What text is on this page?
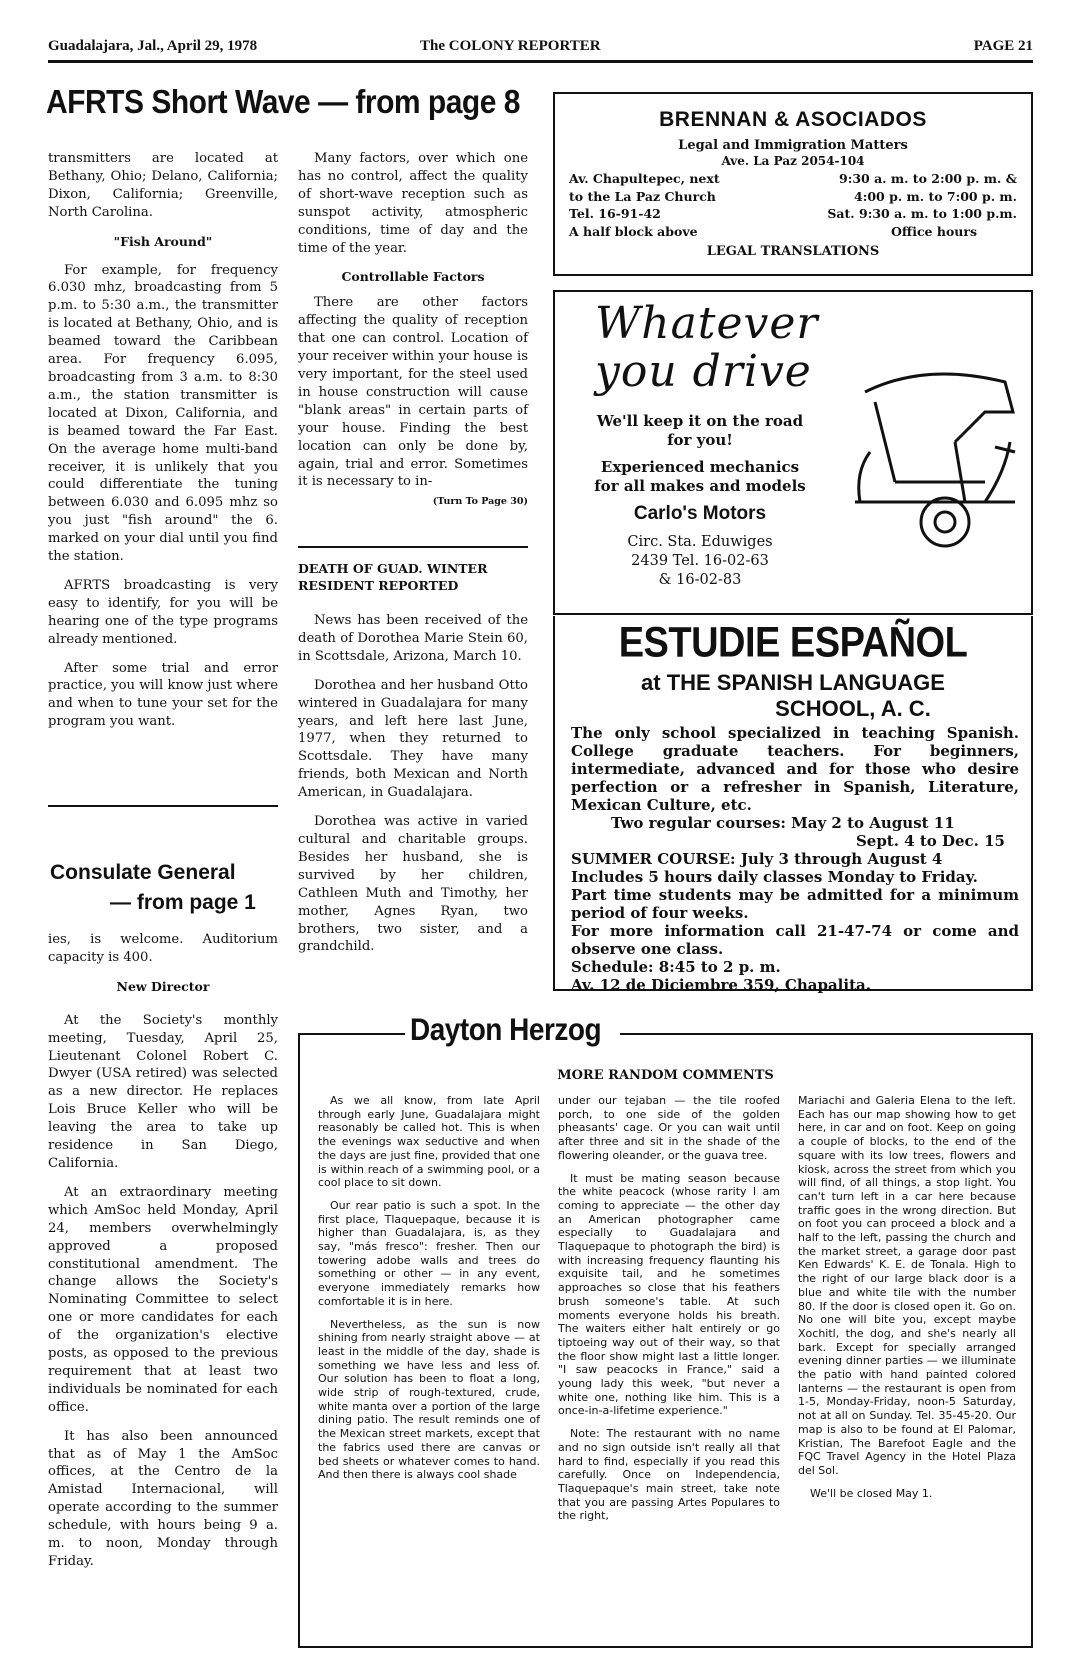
Guadalajara, Jal., April 29, 1978	The COLONY REPORTER	PAGE 21
AFRTS Short Wave — from page 8

transmitters are located at Bethany, Ohio; Delano, California; Dixon, California; Greenville, North Carolina.

"Fish Around"

For example, for frequency 6.030 mhz, broadcasting from 5 p.m. to 5:30 a.m., the transmitter is located at Bethany, Ohio, and is beamed toward the Caribbean area. For frequency 6.095, broadcasting from 3 a.m. to 8:30 a.m., the station transmitter is located at Dixon, California, and is beamed toward the Far East. On the average home multi-band receiver, it is unlikely that you could differentiate the tuning between 6.030 and 6.095 mhz so you just "fish around" the 6. marked on your dial until you find the station.

AFRTS broadcasting is very easy to identify, for you will be hearing one of the type programs already mentioned.

After some trial and error practice, you will know just where and when to tune your set for the program you want.

Many factors, over which one has no control, affect the quality of short-wave reception such as sunspot activity, atmospheric conditions, time of day and the time of the year.

Controllable Factors

There are other factors affecting the quality of reception that one can control. Location of your receiver within your house is very important, for the steel used in house construction will cause "blank areas" in certain parts of your house. Finding the best location can only be done by, again, trial and error. Sometimes it is necessary to in-

(Turn To Page 30)

DEATH OF GUAD. WINTER RESIDENT REPORTED

News has been received of the death of Dorothea Marie Stein 60, in Scottsdale, Arizona, March 10.

Dorothea and her husband Otto wintered in Guadalajara for many years, and left here last June, 1977, when they returned to Scottsdale. They have many friends, both Mexican and North American, in Guadalajara.

Dorothea was active in varied cultural and charitable groups. Besides her husband, she is survived by her children, Cathleen Muth and Timothy, her mother, Agnes Ryan, two brothers, two sister, and a grandchild.

Consulate General
— from page 1

ies, is welcome. Auditorium capacity is 400.

New Director

At the Society's monthly meeting, Tuesday, April 25, Lieutenant Colonel Robert C. Dwyer (USA retired) was selected as a new director. He replaces Lois Bruce Keller who will be leaving the area to take up residence in San Diego, California.

At an extraordinary meeting which AmSoc held Monday, April 24, members overwhelmingly approved a proposed constitutional amendment. The change allows the Society's Nominating Committee to select one or more candidates for each of the organization's elective posts, as opposed to the previous requirement that at least two individuals be nominated for each office.

It has also been announced that as of May 1 the AmSoc offices, at the Centro de la Amistad Internacional, will operate according to the summer schedule, with hours being 9 a. m. to noon, Monday through Friday.

BRENNAN & ASOCIADOS
Legal and Immigration Matters
Ave. La Paz 2054-104
Av. Chapultepec, next
to the La Paz Church
Tel. 16-91-42
A half block above
9:30 a. m. to 2:00 p. m. &
4:00 p. m. to 7:00 p. m.
Sat. 9:30 a. m. to 1:00 p.m.
Office hours
LEGAL TRANSLATIONS
Whatever
you drive
We'll keep it on the road
for you!
Experienced mechanics
for all makes and models
Carlo's Motors
Circ. Sta. Eduwiges
2439 Tel. 16-02-63
& 16-02-83
ESTUDIE ESPAÑOL
at THE SPANISH LANGUAGE
SCHOOL, A. C.
The only school specialized in teaching Spanish. College graduate teachers. For beginners, intermediate, advanced and for those who desire perfection or a refresher in Spanish, Literature, Mexican Culture, etc.
Two regular courses: May 2 to August 11
Sept. 4 to Dec. 15
SUMMER COURSE: July 3 through August 4
Includes 5 hours daily classes Monday to Friday.
Part time students may be admitted for a minimum period of four weeks.
For more information call 21-47-74 or come and observe one class.
Schedule: 8:45 to 2 p. m.
Av. 12 de Diciembre 359, Chapalita.
Dayton Herzog
MORE RANDOM COMMENTS

As we all know, from late April through early June, Guadalajara might reasonably be called hot. This is when the evenings wax seductive and when the days are just fine, provided that one is within reach of a swimming pool, or a cool place to sit down.

Our rear patio is such a spot. In the first place, Tlaquepaque, because it is higher than Guadalajara, is, as they say, "más fresco": fresher. Then our towering adobe walls and trees do something or other — in any event, everyone immediately remarks how comfortable it is in here.

Nevertheless, as the sun is now shining from nearly straight above — at least in the middle of the day, shade is something we have less and less of. Our solution has been to float a long, wide strip of rough-textured, crude, white manta over a portion of the large dining patio. The result reminds one of the Mexican street markets, except that the fabrics used there are canvas or bed sheets or whatever comes to hand. And then there is always cool shade

under our tejaban — the tile roofed porch, to one side of the golden pheasants' cage. Or you can wait until after three and sit in the shade of the flowering oleander, or the guava tree.

It must be mating season because the white peacock (whose rarity I am coming to appreciate — the other day an American photographer came especially to Guadalajara and Tlaquepaque to photograph the bird) is with increasing frequency flaunting his exquisite tail, and he sometimes approaches so close that his feathers brush someone's table. At such moments everyone holds his breath. The waiters either halt entirely or go tiptoeing way out of their way, so that the floor show might last a little longer. "I saw peacocks in France," said a young lady this week, "but never a white one, nothing like him. This is a once-in-a-lifetime experience."

Note: The restaurant with no name and no sign outside isn't really all that hard to find, especially if you read this carefully. Once on Independencia, Tlaquepaque's main street, take note that you are passing Artes Populares to the right,

Mariachi and Galeria Elena to the left. Each has our map showing how to get here, in car and on foot. Keep on going a couple of blocks, to the end of the square with its low trees, flowers and kiosk, across the street from which you will find, of all things, a stop light. You can't turn left in a car here because traffic goes in the wrong direction. But on foot you can proceed a block and a half to the left, passing the church and the market street, a garage door past Ken Edwards' K. E. de Tonala. High to the right of our large black door is a blue and white tile with the number 80. If the door is closed open it. Go on. No one will bite you, except maybe Xochitl, the dog, and she's nearly all bark. Except for specially arranged evening dinner parties — we illuminate the patio with hand painted colored lanterns — the restaurant is open from 1-5, Monday-Friday, noon-5 Saturday, not at all on Sunday. Tel. 35-45-20. Our map is also to be found at El Palomar, Kristian, The Barefoot Eagle and the FQC Travel Agency in the Hotel Plaza del Sol.

We'll be closed May 1.
